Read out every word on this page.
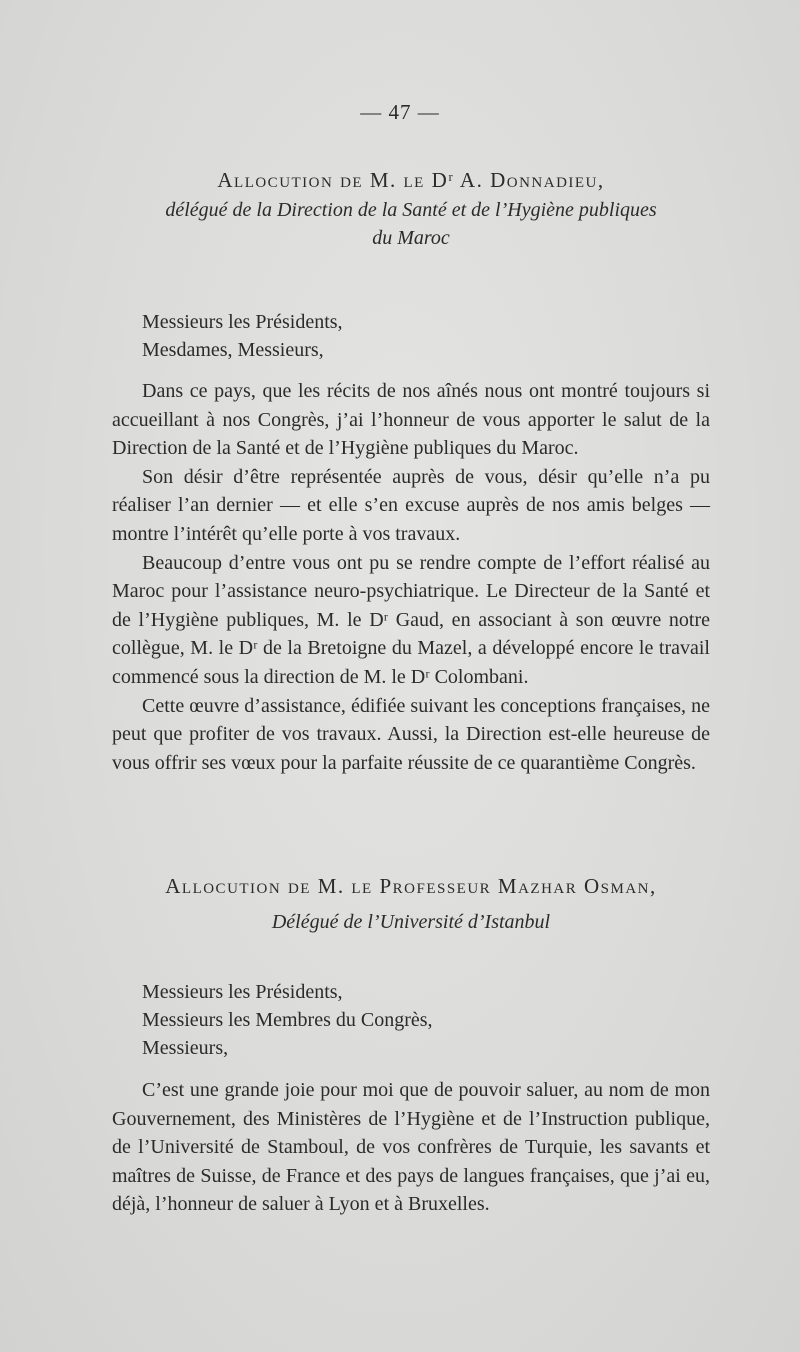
— 47 —

Allocution de M. le Dʳ A. Donnadieu,

délégué de la Direction de la Santé et de l’Hygiène publiques
du Maroc

Messieurs les Présidents,
Mesdames, Messieurs,

Dans ce pays, que les récits de nos aînés nous ont montré toujours si accueillant à nos Congrès, j’ai l’honneur de vous apporter le salut de la Direction de la Santé et de l’Hygiène publiques du Maroc.

Son désir d’être représentée auprès de vous, désir qu’elle n’a pu réaliser l’an dernier — et elle s’en excuse auprès de nos amis belges — montre l’intérêt qu’elle porte à vos travaux.

Beaucoup d’entre vous ont pu se rendre compte de l’effort réalisé au Maroc pour l’assistance neuro-psychiatrique. Le Directeur de la Santé et de l’Hygiène publiques, M. le Dʳ Gaud, en associant à son œuvre notre collègue, M. le Dʳ de la Bretoigne du Mazel, a développé encore le travail commencé sous la direction de M. le Dʳ Colombani.

Cette œuvre d’assistance, édifiée suivant les conceptions françaises, ne peut que profiter de vos travaux. Aussi, la Direction est-elle heureuse de vous offrir ses vœux pour la parfaite réussite de ce quarantième Congrès.

Allocution de M. le Professeur Mazhar Osman,

Délégué de l’Université d’Istanbul

Messieurs les Présidents,
Messieurs les Membres du Congrès,
Messieurs,

C’est une grande joie pour moi que de pouvoir saluer, au nom de mon Gouvernement, des Ministères de l’Hygiène et de l’Instruction publique, de l’Université de Stamboul, de vos confrères de Turquie, les savants et maîtres de Suisse, de France et des pays de langues françaises, que j’ai eu, déjà, l’honneur de saluer à Lyon et à Bruxelles.
